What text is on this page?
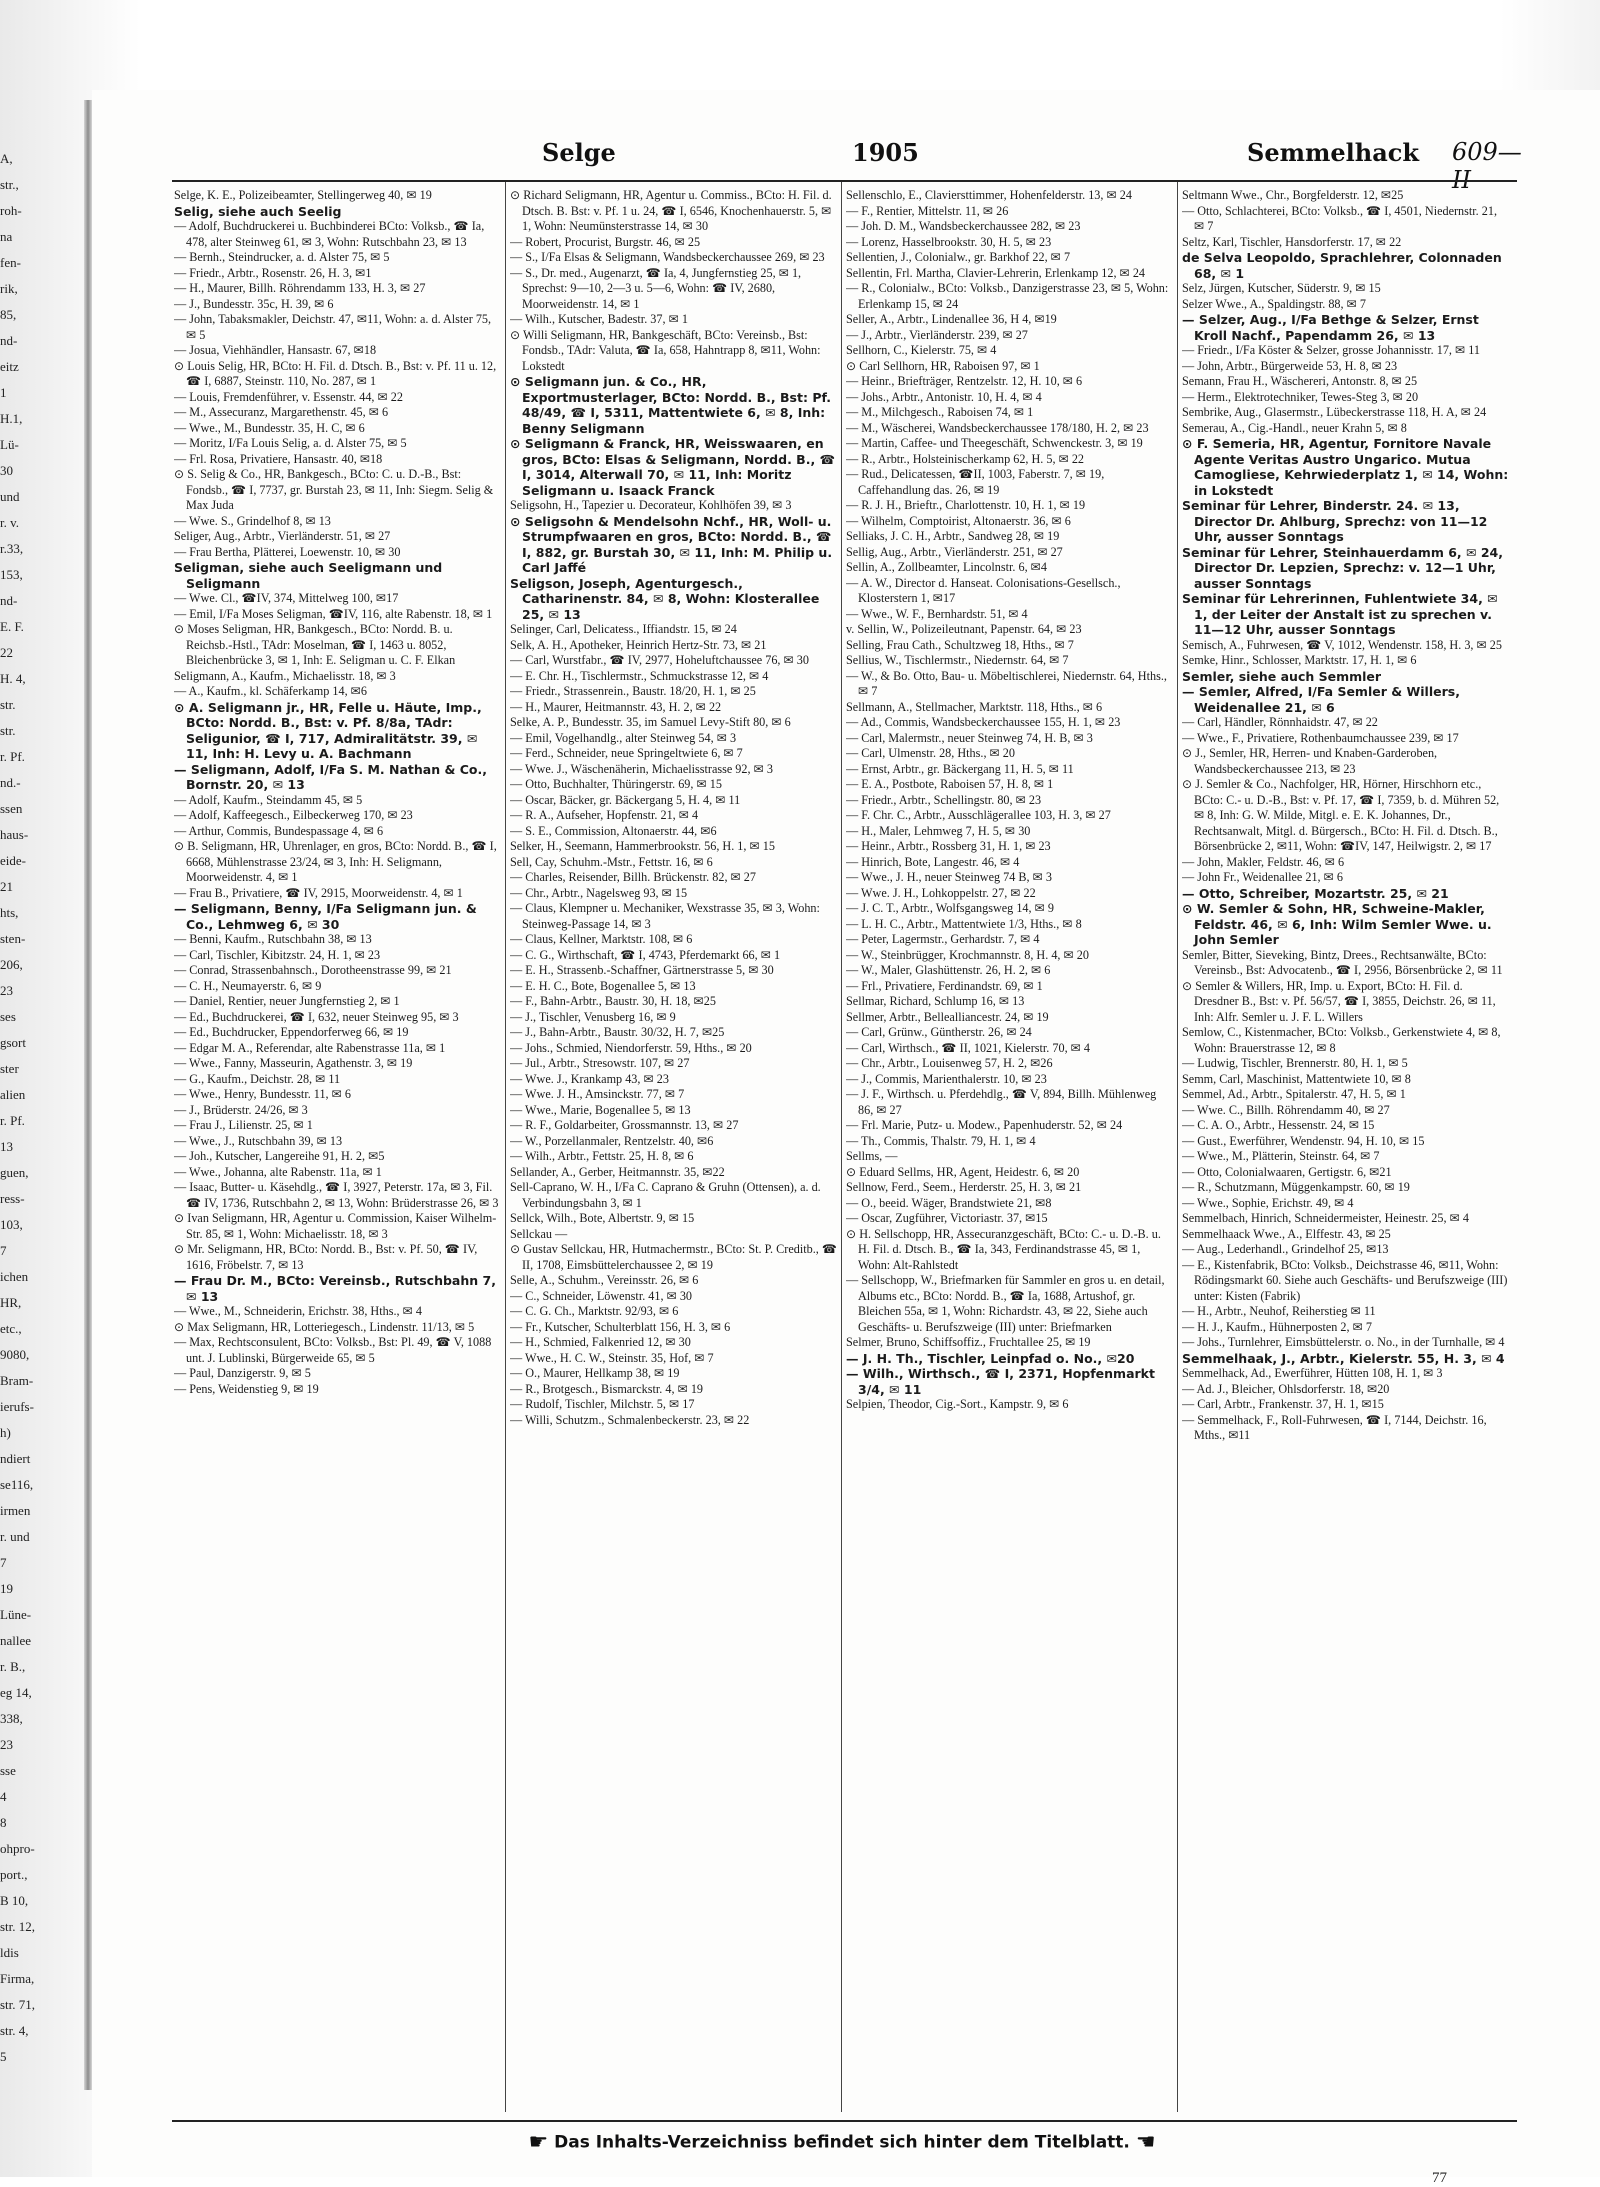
A,
str.,
roh-
na
fen-
rik,
85,
nd-
eitz
1
H.1,
Lü-
30
und
r. v.
r.33,
153,
nd-
E. F.
22
H. 4,
str.
str.
r. Pf.
nd.-
ssen
haus-
eide-
21
hts,
sten-
206,
23
ses
gsort
ster
alien
r. Pf.
13
guen,
ress-
103,
7
ichen
HR,
etc.,
9080,
Bram-
ierufs-
h)
ndiert
se116,
irmen
r. und
7
19
Lüne-
nallee
r. B.,
eg 14,
338,
23
sse
4
8
ohpro-
port.,
B 10,
str. 12,
ldis
Firma,
str. 71,
str. 4,
5
Selge	1905	Semmelhack 609—II

Selge, K. E., Polizeibeamter, Stellingerweg 40, ✉ 19

Selig, siehe auch Seelig

— Adolf, Buchdruckerei u. Buchbinderei BCto: Volksb., ☎ Ia, 478, alter Steinweg 61, ✉ 3, Wohn: Rutschbahn 23, ✉ 13

— Bernh., Steindrucker, a. d. Alster 75, ✉ 5

— Friedr., Arbtr., Rosenstr. 26, H. 3, ✉1

— H., Maurer, Billh. Röhrendamm 133, H. 3, ✉ 27

— J., Bundesstr. 35c, H. 39, ✉ 6

— John, Tabaksmakler, Deichstr. 47, ✉11, Wohn: a. d. Alster 75, ✉ 5

— Josua, Viehhändler, Hansastr. 67, ✉18

⊙ Louis Selig, HR, BCto: H. Fil. d. Dtsch. B., Bst: v. Pf. 11 u. 12, ☎ I, 6887, Steinstr. 110, No. 287, ✉ 1

— Louis, Fremdenführer, v. Essenstr. 44, ✉ 22

— M., Assecuranz, Margarethenstr. 45, ✉ 6

— Wwe., M., Bundesstr. 35, H. C, ✉ 6

— Moritz, I/Fa Louis Selig, a. d. Alster 75, ✉ 5

— Frl. Rosa, Privatiere, Hansastr. 40, ✉18

⊙ S. Selig & Co., HR, Bankgesch., BCto: C. u. D.-B., Bst: Fondsb., ☎ I, 7737, gr. Burstah 23, ✉ 11, Inh: Siegm. Selig & Max Juda

— Wwe. S., Grindelhof 8, ✉ 13

Seliger, Aug., Arbtr., Vierländerstr. 51, ✉ 27

— Frau Bertha, Plätterei, Loewenstr. 10, ✉ 30

Seligman, siehe auch Seeligmann und Seligmann

— Wwe. Cl., ☎IV, 374, Mittelweg 100, ✉17

— Emil, I/Fa Moses Seligman, ☎IV, 116, alte Rabenstr. 18, ✉ 1

⊙ Moses Seligman, HR, Bankgesch., BCto: Nordd. B. u. Reichsb.-Hstl., TAdr: Moselman, ☎ I, 1463 u. 8052, Bleichenbrücke 3, ✉ 1, Inh: E. Seligman u. C. F. Elkan

Seligmann, A., Kaufm., Michaelisstr. 18, ✉ 3

— A., Kaufm., kl. Schäferkamp 14, ✉6

⊙ A. Seligmann jr., HR, Felle u. Häute, Imp., BCto: Nordd. B., Bst: v. Pf. 8/8a, TAdr: Seligunior, ☎ I, 717, Admiralitätstr. 39, ✉ 11, Inh: H. Levy u. A. Bachmann

— Seligmann, Adolf, I/Fa S. M. Nathan & Co., Bornstr. 20, ✉ 13

— Adolf, Kaufm., Steindamm 45, ✉ 5

— Adolf, Kaffeegesch., Eilbeckerweg 170, ✉ 23

— Arthur, Commis, Bundespassage 4, ✉ 6

⊙ B. Seligmann, HR, Uhrenlager, en gros, BCto: Nordd. B., ☎ I, 6668, Mühlenstrasse 23/24, ✉ 3, Inh: H. Seligmann, Moorweidenstr. 4, ✉ 1

— Frau B., Privatiere, ☎ IV, 2915, Moorweidenstr. 4, ✉ 1

— Seligmann, Benny, I/Fa Seligmann jun. & Co., Lehmweg 6, ✉ 30

— Benni, Kaufm., Rutschbahn 38, ✉ 13

— Carl, Tischler, Kibitzstr. 24, H. 1, ✉ 23

— Conrad, Strassenbahnsch., Dorotheenstrasse 99, ✉ 21

— C. H., Neumayerstr. 6, ✉ 9

— Daniel, Rentier, neuer Jungfernstieg 2, ✉ 1

— Ed., Buchdruckerei, ☎ I, 632, neuer Steinweg 95, ✉ 3

— Ed., Buchdrucker, Eppendorferweg 66, ✉ 19

— Edgar M. A., Referendar, alte Rabenstrasse 11a, ✉ 1

— Wwe., Fanny, Masseurin, Agathenstr. 3, ✉ 19

— G., Kaufm., Deichstr. 28, ✉ 11

— Wwe., Henry, Bundesstr. 11, ✉ 6

— J., Brüderstr. 24/26, ✉ 3

— Frau J., Lilienstr. 25, ✉ 1

— Wwe., J., Rutschbahn 39, ✉ 13

— Joh., Kutscher, Langereihe 91, H. 2, ✉5

— Wwe., Johanna, alte Rabenstr. 11a, ✉ 1

— Isaac, Butter- u. Käsehdlg., ☎ I, 3927, Peterstr. 17a, ✉ 3, Fil. ☎ IV, 1736, Rutschbahn 2, ✉ 13, Wohn: Brüderstrasse 26, ✉ 3

⊙ Ivan Seligmann, HR, Agentur u. Commission, Kaiser Wilhelm-Str. 85, ✉ 1, Wohn: Michaelisstr. 18, ✉ 3

⊙ Mr. Seligmann, HR, BCto: Nordd. B., Bst: v. Pf. 50, ☎ IV, 1616, Fröbelstr. 7, ✉ 13

— Frau Dr. M., BCto: Vereinsb., Rutschbahn 7, ✉ 13

— Wwe., M., Schneiderin, Erichstr. 38, Hths., ✉ 4

⊙ Max Seligmann, HR, Lotteriegesch., Lindenstr. 11/13, ✉ 5

— Max, Rechtsconsulent, BCto: Volksb., Bst: Pl. 49, ☎ V, 1088 unt. J. Lublinski, Bürgerweide 65, ✉ 5

— Paul, Danzigerstr. 9, ✉ 5

— Pens, Weidenstieg 9, ✉ 19

⊙ Richard Seligmann, HR, Agentur u. Commiss., BCto: H. Fil. d. Dtsch. B. Bst: v. Pf. 1 u. 24, ☎ I, 6546, Knochenhauerstr. 5, ✉ 1, Wohn: Neumünsterstrasse 14, ✉ 30

— Robert, Procurist, Burgstr. 46, ✉ 25

— S., I/Fa Elsas & Seligmann, Wandsbeckerchaussee 269, ✉ 23

— S., Dr. med., Augenarzt, ☎ Ia, 4, Jungfernstieg 25, ✉ 1, Sprechst: 9—10, 2—3 u. 5—6, Wohn: ☎ IV, 2680, Moorweidenstr. 14, ✉ 1

— Wilh., Kutscher, Badestr. 37, ✉ 1

⊙ Willi Seligmann, HR, Bankgeschäft, BCto: Vereinsb., Bst: Fondsb., TAdr: Valuta, ☎ Ia, 658, Hahntrapp 8, ✉11, Wohn: Lokstedt

⊙ Seligmann jun. & Co., HR, Exportmusterlager, BCto: Nordd. B., Bst: Pf. 48/49, ☎ I, 5311, Mattentwiete 6, ✉ 8, Inh: Benny Seligmann

⊙ Seligmann & Franck, HR, Weisswaaren, en gros, BCto: Elsas & Seligmann, Nordd. B., ☎ I, 3014, Alterwall 70, ✉ 11, Inh: Moritz Seligmann u. Isaack Franck

Seligsohn, H., Tapezier u. Decorateur, Kohlhöfen 39, ✉ 3

⊙ Seligsohn & Mendelsohn Nchf., HR, Woll- u. Strumpfwaaren en gros, BCto: Nordd. B., ☎ I, 882, gr. Burstah 30, ✉ 11, Inh: M. Philip u. Carl Jaffé

Seligson, Joseph, Agenturgesch., Catharinenstr. 84, ✉ 8, Wohn: Klosterallee 25, ✉ 13

Selinger, Carl, Delicatess., Iffiandstr. 15, ✉ 24

Selk, A. H., Apotheker, Heinrich Hertz-Str. 73, ✉ 21

— Carl, Wurstfabr., ☎ IV, 2977, Hoheluftchaussee 76, ✉ 30

— E. Chr. H., Tischlermstr., Schmuckstrasse 12, ✉ 4

— Friedr., Strassenrein., Baustr. 18/20, H. 1, ✉ 25

— H., Maurer, Heitmannstr. 43, H. 2, ✉ 22

Selke, A. P., Bundesstr. 35, im Samuel Levy-Stift 80, ✉ 6

— Emil, Vogelhandlg., alter Steinweg 54, ✉ 3

— Ferd., Schneider, neue Springeltwiete 6, ✉ 7

— Wwe. J., Wäschenäherin, Michaelisstrasse 92, ✉ 3

— Otto, Buchhalter, Thüringerstr. 69, ✉ 15

— Oscar, Bäcker, gr. Bäckergang 5, H. 4, ✉ 11

— R. A., Aufseher, Hopfenstr. 21, ✉ 4

— S. E., Commission, Altonaerstr. 44, ✉6

Selker, H., Seemann, Hammerbrookstr. 56, H. 1, ✉ 15

Sell, Cay, Schuhm.-Mstr., Fettstr. 16, ✉ 6

— Charles, Reisender, Billh. Brückenstr. 82, ✉ 27

— Chr., Arbtr., Nagelsweg 93, ✉ 15

— Claus, Klempner u. Mechaniker, Wexstrasse 35, ✉ 3, Wohn: Steinweg-Passage 14, ✉ 3

— Claus, Kellner, Marktstr. 108, ✉ 6

— C. G., Wirthschaft, ☎ I, 4743, Pferdemarkt 66, ✉ 1

— E. H., Strassenb.-Schaffner, Gärtnerstrasse 5, ✉ 30

— E. H. C., Bote, Bogenallee 5, ✉ 13

— F., Bahn-Arbtr., Baustr. 30, H. 18, ✉25

— J., Tischler, Venusberg 16, ✉ 9

— J., Bahn-Arbtr., Baustr. 30/32, H. 7, ✉25

— Johs., Schmied, Niendorferstr. 59, Hths., ✉ 20

— Jul., Arbtr., Stresowstr. 107, ✉ 27

— Wwe. J., Krankamp 43, ✉ 23

— Wwe. J. H., Amsinckstr. 77, ✉ 7

— Wwe., Marie, Bogenallee 5, ✉ 13

— R. F., Goldarbeiter, Grossmannstr. 13, ✉ 27

— W., Porzellanmaler, Rentzelstr. 40, ✉6

— Wilh., Arbtr., Fettstr. 25, H. 8, ✉ 6

Sellander, A., Gerber, Heitmannstr. 35, ✉22

Sell-Caprano, W. H., I/Fa C. Caprano & Gruhn (Ottensen), a. d. Verbindungsbahn 3, ✉ 1

Sellck, Wilh., Bote, Albertstr. 9, ✉ 15

Sellckau —

⊙ Gustav Sellckau, HR, Hutmachermstr., BCto: St. P. Creditb., ☎ II, 1708, Eimsbüttelerchaussee 2, ✉ 19

Selle, A., Schuhm., Vereinsstr. 26, ✉ 6

— C., Schneider, Löwenstr. 41, ✉ 30

— C. G. Ch., Marktstr. 92/93, ✉ 6

— Fr., Kutscher, Schulterblatt 156, H. 3, ✉ 6

— H., Schmied, Falkenried 12, ✉ 30

— Wwe., H. C. W., Steinstr. 35, Hof, ✉ 7

— O., Maurer, Hellkamp 38, ✉ 19

— R., Brotgesch., Bismarckstr. 4, ✉ 19

— Rudolf, Tischler, Milchstr. 5, ✉ 17

— Willi, Schutzm., Schmalenbeckerstr. 23, ✉ 22

Sellenschlo, E., Claviersttimmer, Hohenfelderstr. 13, ✉ 24

— F., Rentier, Mittelstr. 11, ✉ 26

— Joh. D. M., Wandsbeckerchaussee 282, ✉ 23

— Lorenz, Hasselbrookstr. 30, H. 5, ✉ 23

Sellentien, J., Colonialw., gr. Barkhof 22, ✉ 7

Sellentin, Frl. Martha, Clavier-Lehrerin, Erlenkamp 12, ✉ 24

— R., Colonialw., BCto: Volksb., Danzigerstrasse 23, ✉ 5, Wohn: Erlenkamp 15, ✉ 24

Seller, A., Arbtr., Lindenallee 36, H 4, ✉19

— J., Arbtr., Vierländerstr. 239, ✉ 27

Sellhorn, C., Kielerstr. 75, ✉ 4

⊙ Carl Sellhorn, HR, Raboisen 97, ✉ 1

— Heinr., Briefträger, Rentzelstr. 12, H. 10, ✉ 6

— Johs., Arbtr., Antonistr. 10, H. 4, ✉ 4

— M., Milchgesch., Raboisen 74, ✉ 1

— M., Wäscherei, Wandsbeckerchaussee 178/180, H. 2, ✉ 23

— Martin, Caffee- und Theegeschäft, Schwenckestr. 3, ✉ 19

— R., Arbtr., Holsteinischerkamp 62, H. 5, ✉ 22

— Rud., Delicatessen, ☎II, 1003, Faberstr. 7, ✉ 19, Caffehandlung das. 26, ✉ 19

— R. J. H., Brieftr., Charlottenstr. 10, H. 1, ✉ 19

— Wilhelm, Comptoirist, Altonaerstr. 36, ✉ 6

Selliaks, J. C. H., Arbtr., Sandweg 28, ✉ 19

Sellig, Aug., Arbtr., Vierländerstr. 251, ✉ 27

Sellin, A., Zollbeamter, Lincolnstr. 6, ✉4

— A. W., Director d. Hanseat. Colonisations-Gesellsch., Klosterstern 1, ✉17

— Wwe., W. F., Bernhardstr. 51, ✉ 4

v. Sellin, W., Polizeileutnant, Papenstr. 64, ✉ 23

Selling, Frau Cath., Schultzweg 18, Hths., ✉ 7

Sellius, W., Tischlermstr., Niedernstr. 64, ✉ 7

— W., & Bo. Otto, Bau- u. Möbeltischlerei, Niedernstr. 64, Hths., ✉ 7

Sellmann, A., Stellmacher, Marktstr. 118, Hths., ✉ 6

— Ad., Commis, Wandsbeckerchaussee 155, H. 1, ✉ 23

— Carl, Malermstr., neuer Steinweg 74, H. B, ✉ 3

— Carl, Ulmenstr. 28, Hths., ✉ 20

— Ernst, Arbtr., gr. Bäckergang 11, H. 5, ✉ 11

— E. A., Postbote, Raboisen 57, H. 8, ✉ 1

— Friedr., Arbtr., Schellingstr. 80, ✉ 23

— F. Chr. C., Arbtr., Ausschlägerallee 103, H. 3, ✉ 27

— H., Maler, Lehmweg 7, H. 5, ✉ 30

— Heinr., Arbtr., Rossberg 31, H. 1, ✉ 23

— Hinrich, Bote, Langestr. 46, ✉ 4

— Wwe., J. H., neuer Steinweg 74 B, ✉ 3

— Wwe. J. H., Lohkoppelstr. 27, ✉ 22

— J. C. T., Arbtr., Wolfsgangsweg 14, ✉ 9

— L. H. C., Arbtr., Mattentwiete 1/3, Hths., ✉ 8

— Peter, Lagermstr., Gerhardstr. 7, ✉ 4

— W., Steinbrügger, Krochmannstr. 8, H. 4, ✉ 20

— W., Maler, Glashüttenstr. 26, H. 2, ✉ 6

— Frl., Privatiere, Ferdinandstr. 69, ✉ 1

Sellmar, Richard, Schlump 16, ✉ 13

Sellmer, Arbtr., Bellealliancestr. 24, ✉ 19

— Carl, Grünw., Güntherstr. 26, ✉ 24

— Carl, Wirthsch., ☎ II, 1021, Kielerstr. 70, ✉ 4

— Chr., Arbtr., Louisenweg 57, H. 2, ✉26

— J., Commis, Marienthalerstr. 10, ✉ 23

— J. F., Wirthsch. u. Pferdehdlg., ☎ V, 894, Billh. Mühlenweg 86, ✉ 27

— Frl. Marie, Putz- u. Modew., Papenhuderstr. 52, ✉ 24

— Th., Commis, Thalstr. 79, H. 1, ✉ 4

Sellms, —

⊙ Eduard Sellms, HR, Agent, Heidestr. 6, ✉ 20

Sellnow, Ferd., Seem., Herderstr. 25, H. 3, ✉ 21

— O., beeid. Wäger, Brandstwiete 21, ✉8

— Oscar, Zugführer, Victoriastr. 37, ✉15

⊙ H. Sellschopp, HR, Assecuranzgeschäft, BCto: C.- u. D.-B. u. H. Fil. d. Dtsch. B., ☎ Ia, 343, Ferdinandstrasse 45, ✉ 1, Wohn: Alt-Rahlstedt

— Sellschopp, W., Briefmarken für Sammler en gros u. en detail, Albums etc., BCto: Nordd. B., ☎ Ia, 1688, Artushof, gr. Bleichen 55a, ✉ 1, Wohn: Richardstr. 43, ✉ 22, Siehe auch Geschäfts- u. Berufszweige (III) unter: Briefmarken

Selmer, Bruno, Schiffsoffiz., Fruchtallee 25, ✉ 19

— J. H. Th., Tischler, Leinpfad o. No., ✉20

— Wilh., Wirthsch., ☎ I, 2371, Hopfenmarkt 3/4, ✉ 11

Selpien, Theodor, Cig.-Sort., Kampstr. 9, ✉ 6

Seltmann Wwe., Chr., Borgfelderstr. 12, ✉25

— Otto, Schlachterei, BCto: Volksb., ☎ I, 4501, Niedernstr. 21, ✉ 7

Seltz, Karl, Tischler, Hansdorferstr. 17, ✉ 22

de Selva Leopoldo, Sprachlehrer, Colonnaden 68, ✉ 1

Selz, Jürgen, Kutscher, Süderstr. 9, ✉ 15

Selzer Wwe., A., Spaldingstr. 88, ✉ 7

— Selzer, Aug., I/Fa Bethge & Selzer, Ernst Kroll Nachf., Papendamm 26, ✉ 13

— Friedr., I/Fa Köster & Selzer, grosse Johannisstr. 17, ✉ 11

— John, Arbtr., Bürgerweide 53, H. 8, ✉ 23

Semann, Frau H., Wäschereri, Antonstr. 8, ✉ 25

— Herm., Elektrotechniker, Tewes-Steg 3, ✉ 20

Sembrike, Aug., Glasermstr., Lübeckerstrasse 118, H. A, ✉ 24

Semerau, A., Cig.-Handl., neuer Krahn 5, ✉ 8

⊙ F. Semeria, HR, Agentur, Fornitore Navale Agente Veritas Austro Ungarico. Mutua Camogliese, Kehrwiederplatz 1, ✉ 14, Wohn: in Lokstedt

Seminar für Lehrer, Binderstr. 24. ✉ 13, Director Dr. Ahlburg, Sprechz: von 11—12 Uhr, ausser Sonntags

Seminar für Lehrer, Steinhauerdamm 6, ✉ 24, Director Dr. Lepzien, Sprechz: v. 12—1 Uhr, ausser Sonntags

Seminar für Lehrerinnen, Fuhlentwiete 34, ✉ 1, der Leiter der Anstalt ist zu sprechen v. 11—12 Uhr, ausser Sonntags

Semisch, A., Fuhrwesen, ☎ V, 1012, Wendenstr. 158, H. 3, ✉ 25

Semke, Hinr., Schlosser, Marktstr. 17, H. 1, ✉ 6

Semler, siehe auch Semmler

— Semler, Alfred, I/Fa Semler & Willers, Weidenallee 21, ✉ 6

— Carl, Händler, Rönnhaidstr. 47, ✉ 22

— Wwe., F., Privatiere, Rothenbaumchaussee 239, ✉ 17

⊙ J., Semler, HR, Herren- und Knaben-Garderoben, Wandsbeckerchaussee 213, ✉ 23

⊙ J. Semler & Co., Nachfolger, HR, Hörner, Hirschhorn etc., BCto: C.- u. D.-B., Bst: v. Pf. 17, ☎ I, 7359, b. d. Mühren 52, ✉ 8, Inh: G. W. Milde, Mitgl. e. E. K. Johannes, Dr., Rechtsanwalt, Mitgl. d. Bürgersch., BCto: H. Fil. d. Dtsch. B., Börsenbrücke 2, ✉11, Wohn: ☎IV, 147, Heilwigstr. 2, ✉ 17

— John, Makler, Feldstr. 46, ✉ 6

— John Fr., Weidenallee 21, ✉ 6

— Otto, Schreiber, Mozartstr. 25, ✉ 21

⊙ W. Semler & Sohn, HR, Schweine-Makler, Feldstr. 46, ✉ 6, Inh: Wilm Semler Wwe. u. John Semler

Semler, Bitter, Sieveking, Bintz, Drees., Rechtsanwälte, BCto: Vereinsb., Bst: Advocatenb., ☎ I, 2956, Börsenbrücke 2, ✉ 11

⊙ Semler & Willers, HR, Imp. u. Export, BCto: H. Fil. d. Dresdner B., Bst: v. Pf. 56/57, ☎ I, 3855, Deichstr. 26, ✉ 11, Inh: Alfr. Semler u. J. F. L. Willers

Semlow, C., Kistenmacher, BCto: Volksb., Gerkenstwiete 4, ✉ 8, Wohn: Brauerstrasse 12, ✉ 8

— Ludwig, Tischler, Brennerstr. 80, H. 1, ✉ 5

Semm, Carl, Maschinist, Mattentwiete 10, ✉ 8

Semmel, Ad., Arbtr., Spitalerstr. 47, H. 5, ✉ 1

— Wwe. C., Billh. Röhrendamm 40, ✉ 27

— C. A. O., Arbtr., Hessenstr. 24, ✉ 15

— Gust., Ewerführer, Wendenstr. 94, H. 10, ✉ 15

— Wwe., M., Plätterin, Steinstr. 64, ✉ 7

— Otto, Colonialwaaren, Gertigstr. 6, ✉21

— R., Schutzmann, Müggenkampstr. 60, ✉ 19

— Wwe., Sophie, Erichstr. 49, ✉ 4

Semmelbach, Hinrich, Schneidermeister, Heinestr. 25, ✉ 4

Semmelhaack Wwe., A., Elffestr. 43, ✉ 25

— Aug., Lederhandl., Grindelhof 25, ✉13

— E., Kistenfabrik, BCto: Volksb., Deichstrasse 46, ✉11, Wohn: Rödingsmarkt 60. Siehe auch Geschäfts- und Berufszweige (III) unter: Kisten (Fabrik)

— H., Arbtr., Neuhof, Reiherstieg ✉ 11

— H. J., Kaufm., Hühnerposten 2, ✉ 7

— Johs., Turnlehrer, Eimsbüttelerstr. o. No., in der Turnhalle, ✉ 4

Semmelhaak, J., Arbtr., Kielerstr. 55, H. 3, ✉ 4

Semmelhack, Ad., Ewerführer, Hütten 108, H. 1, ✉ 3

— Ad. J., Bleicher, Ohlsdorferstr. 18, ✉20

— Carl, Arbtr., Frankenstr. 37, H. 1, ✉15

— Semmelhack, F., Roll-Fuhrwesen, ☎ I, 7144, Deichstr. 16, Mths., ✉11

☛ Das Inhalts-Verzeichniss befindet sich hinter dem Titelblatt. ☚
77
